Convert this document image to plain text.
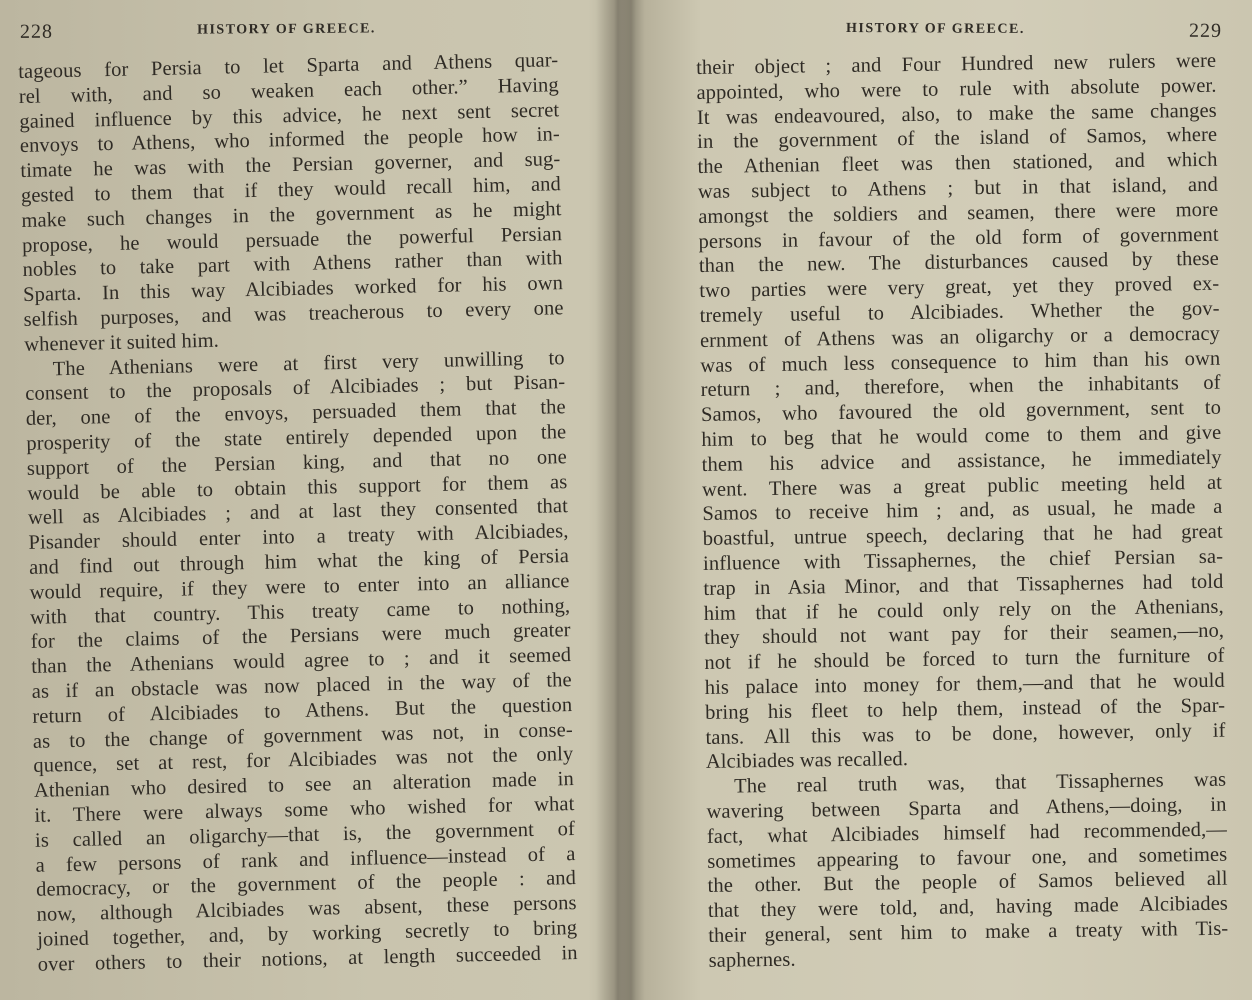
228	HISTORY OF GREECE.
tageous for Persia to let Sparta and Athens quar-
rel with, and so weaken each other.” Having
gained influence by this advice, he next sent secret
envoys to Athens, who informed the people how in-
timate he was with the Persian governer, and sug-
gested to them that if they would recall him, and
make such changes in the government as he might
propose, he would persuade the powerful Persian
nobles to take part with Athens rather than with
Sparta. In this way Alcibiades worked for his own
selfish purposes, and was treacherous to every one
whenever it suited him.
The Athenians were at first very unwilling to
consent to the proposals of Alcibiades ; but Pisan-
der, one of the envoys, persuaded them that the
prosperity of the state entirely depended upon the
support of the Persian king, and that no one
would be able to obtain this support for them as
well as Alcibiades ; and at last they consented that
Pisander should enter into a treaty with Alcibiades,
and find out through him what the king of Persia
would require, if they were to enter into an alliance
with that country. This treaty came to nothing,
for the claims of the Persians were much greater
than the Athenians would agree to ; and it seemed
as if an obstacle was now placed in the way of the
return of Alcibiades to Athens. But the question
as to the change of government was not, in conse-
quence, set at rest, for Alcibiades was not the only
Athenian who desired to see an alteration made in
it. There were always some who wished for what
is called an oligarchy—that is, the government of
a few persons of rank and influence—instead of a
democracy, or the government of the people : and
now, although Alcibiades was absent, these persons
joined together, and, by working secretly to bring
over others to their notions, at length succeeded in
HISTORY OF GREECE.	229
their object ; and Four Hundred new rulers were
appointed, who were to rule with absolute power.
It was endeavoured, also, to make the same changes
in the government of the island of Samos, where
the Athenian fleet was then stationed, and which
was subject to Athens ; but in that island, and
amongst the soldiers and seamen, there were more
persons in favour of the old form of government
than the new. The disturbances caused by these
two parties were very great, yet they proved ex-
tremely useful to Alcibiades. Whether the gov-
ernment of Athens was an oligarchy or a democracy
was of much less consequence to him than his own
return ; and, therefore, when the inhabitants of
Samos, who favoured the old government, sent to
him to beg that he would come to them and give
them his advice and assistance, he immediately
went. There was a great public meeting held at
Samos to receive him ; and, as usual, he made a
boastful, untrue speech, declaring that he had great
influence with Tissaphernes, the chief Persian sa-
trap in Asia Minor, and that Tissaphernes had told
him that if he could only rely on the Athenians,
they should not want pay for their seamen,—no,
not if he should be forced to turn the furniture of
his palace into money for them,—and that he would
bring his fleet to help them, instead of the Spar-
tans. All this was to be done, however, only if
Alcibiades was recalled.
The real truth was, that Tissaphernes was
wavering between Sparta and Athens,—doing, in
fact, what Alcibiades himself had recommended,—
sometimes appearing to favour one, and sometimes
the other. But the people of Samos believed all
that they were told, and, having made Alcibiades
their general, sent him to make a treaty with Tis-
saphernes.
